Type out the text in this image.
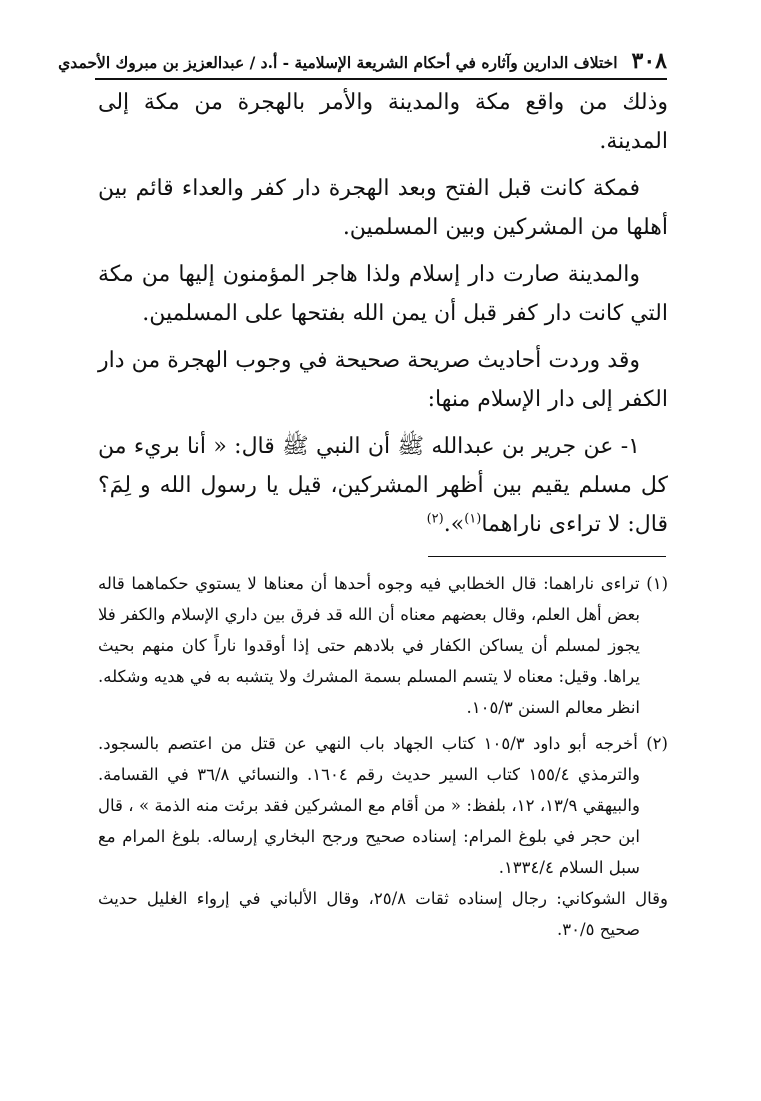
٣٠٨اختلاف الدارين وآثاره في أحكام الشريعة الإسلامية - أ.د / عبدالعزيز بن مبروك الأحمدي

وذلك من واقع مكة والمدينة والأمر بالهجرة من مكة إلى المدينة.

فمكة كانت قبل الفتح وبعد الهجرة دار كفر والعداء قائم بين أهلها من المشركين وبين المسلمين.

والمدينة صارت دار إسلام ولذا هاجر المؤمنون إليها من مكة التي كانت دار كفر قبل أن يمن الله بفتحها على المسلمين.

وقد وردت أحاديث صريحة صحيحة في وجوب الهجرة من دار الكفر إلى دار الإسلام منها:

١- عن جرير بن عبدالله ﷺ أن النبي ﷺ قال: « أنا بريء من كل مسلم يقيم بين أظهر المشركين، قيل يا رسول الله و لِمَ؟ قال: لا تراءى ناراهما$^{(١)}$».$^{(٢)}$

(١) تراءى ناراهما: قال الخطابي فيه وجوه أحدها أن معناها لا يستوي حكماهما قاله بعض أهل العلم، وقال بعضهم معناه أن الله قد فرق بين داري الإسلام والكفر فلا يجوز لمسلم أن يساكن الكفار في بلادهم حتى إذا أوقدوا ناراً كان منهم بحيث يراها. وقيل: معناه لا يتسم المسلم بسمة المشرك ولا يتشبه به في هديه وشكله. انظر معالم السنن ١٠٥/٣.

(٢) أخرجه أبو داود ١٠٥/٣ كتاب الجهاد باب النهي عن قتل من اعتصم بالسجود. والترمذي ١٥٥/٤ كتاب السير حديث رقم ١٦٠٤. والنسائي ٣٦/٨ في القسامة. والبيهقي ١٣/٩، ١٢، بلفظ: « من أقام مع المشركين فقد برئت منه الذمة » ، قال ابن حجر في بلوغ المرام: إسناده صحيح ورجح البخاري إرساله. بلوغ المرام مع سبل السلام ١٣٣٤/٤.

وقال الشوكاني: رجال إسناده ثقات ٢٥/٨، وقال الألباني في إرواء الغليل حديث صحيح ٣٠/٥.
